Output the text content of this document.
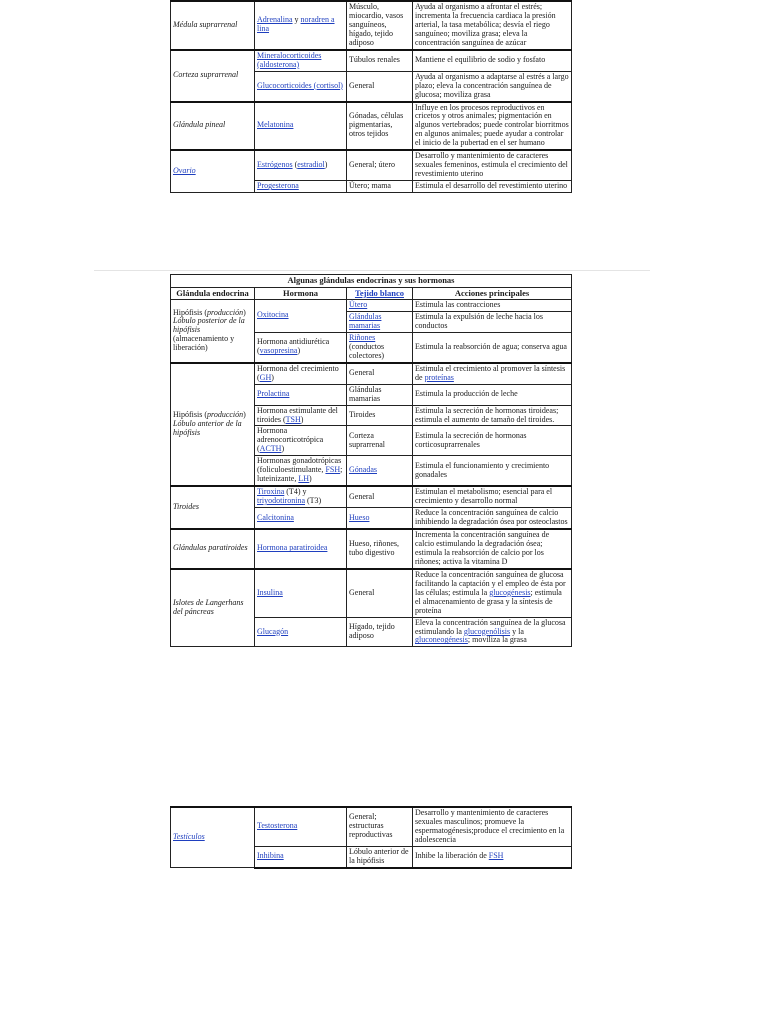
Médula suprarrenal	Adrenalina y noradren a lina	Músculo, miocardio, vasos sanguíneos, hígado, tejido adiposo	Ayuda al organismo a afrontar el estrés; incrementa la frecuencia cardiaca la presión arterial, la tasa metabólica; desvía el riego sanguíneo; moviliza grasa; eleva la concentración sanguínea de azúcar
Corteza suprarrenal	Mineralocorticoides (aldosterona)	Túbulos renales	Mantiene el equilibrio de sodio y fosfato
	Glucocorticoides (cortisol)	General	Ayuda al organismo a adaptarse al estrés a largo plazo; eleva la concentración sanguínea de glucosa; moviliza grasa
Glándula pineal	Melatonina	Gónadas, células pigmentarias, otros tejidos	Influye en los procesos reproductivos en cricetos y otros animales; pigmentación en algunos vertebrados; puede controlar biorritmos en algunos animales; puede ayudar a controlar el inicio de la pubertad en el ser humano
Ovario	Estrógenos (estradiol)	General; útero	Desarrollo y mantenimiento de caracteres sexuales femeninos, estimula el crecimiento del revestimiento uterino
	Progesterona	Útero; mama	Estimula el desarrollo del revestimiento uterino
Algunas glándulas endocrinas y sus hormonas			
Glándula endocrina	Hormona	Tejido blanco	Acciones principales
Hipófisis (producción) Lóbulo posterior de la hipófisis (almacenamiento y liberación)	Oxitocina	Útero	Estimula las contracciones
		Glándulas mamarias	Estimula la expulsión de leche hacia los conductos
	Hormona antidiurética (vasopresina)	Riñones (conductos colectores)	Estimula la reabsorción de agua; conserva agua
Hipófisis (producción) Lóbulo anterior de la hipófisis	Hormona del crecimiento (GH)	General	Estimula el crecimiento al promover la síntesis de proteínas
	Prolactina	Glándulas mamarias	Estimula la producción de leche
	Hormona estimulante del tiroides (TSH)	Tiroides	Estimula la secreción de hormonas tiroideas; estimula el aumento de tamaño del tiroides.
	Hormona adrenocorticotrópica (ACTH)	Corteza suprarrenal	Estimula la secreción de hormonas corticosuprarrenales
	Hormonas gonadotrópicas (foliculoestimulante, FSH; luteinizante, LH)	Gónadas	Estimula el funcionamiento y crecimiento gonadales
Tiroides	Tiroxina (T4) y triyodotironina (T3)	General	Estimulan el metabolismo; esencial para el crecimiento y desarrollo normal
	Calcitonina	Hueso	Reduce la concentración sanguínea de calcio inhibiendo la degradación ósea por osteoclastos
Glándulas paratiroides	Hormona paratiroidea	Hueso, riñones, tubo digestivo	Incrementa la concentración sanguínea de calcio estimulando la degradación ósea; estimula la reabsorción de calcio por los riñones; activa la vitamina D
Islotes de Langerhans del páncreas	Insulina	General	Reduce la concentración sanguínea de glucosa facilitando la captación y el empleo de ésta por las células; estimula la glucogénesis; estimula el almacenamiento de grasa y la síntesis de proteína
	Glucagón	Hígado, tejido adiposo	Eleva la concentración sanguínea de la glucosa estimulando la glucogenólisis y la gluconeogénesis; moviliza la grasa
Testículos	Testosterona	General; estructuras reproductivas	Desarrollo y mantenimiento de caracteres sexuales masculinos; promueve la espermatogénesis;produce el crecimiento en la adolescencia
	Inhibina	Lóbulo anterior de la hipófisis	Inhibe la liberación de FSH
